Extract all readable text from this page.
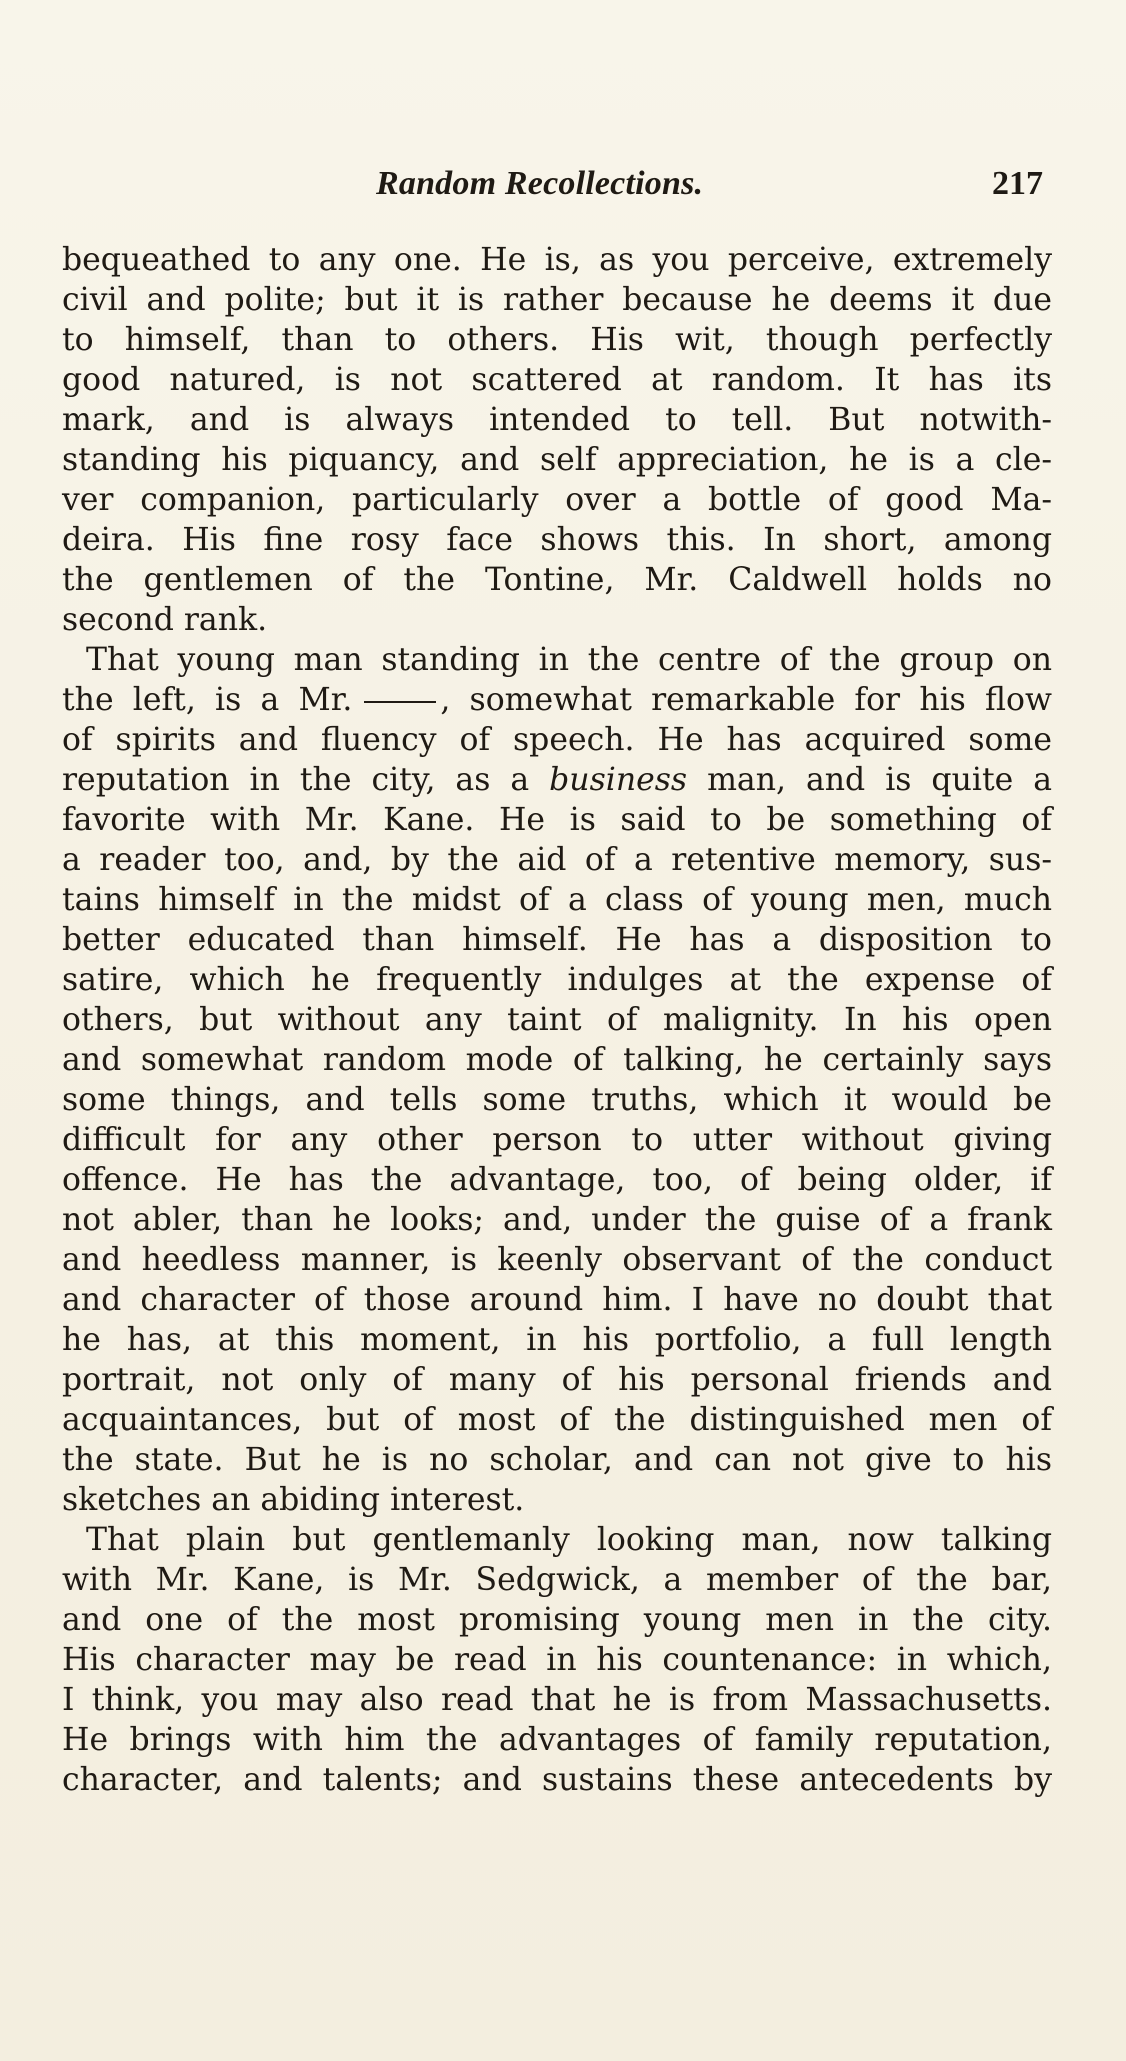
Random Recollections.	217
bequeathed to any one. He is, as you perceive, extremely
civil and polite; but it is rather because he deems it due
to himself, than to others. His wit, though perfectly
good natured, is not scattered at random. It has its
mark, and is always intended to tell. But notwith-
standing his piquancy, and self appreciation, he is a cle-
ver companion, particularly over a bottle of good Ma-
deira. His fine rosy face shows this. In short, among
the gentlemen of the Tontine, Mr. Caldwell holds no
second rank.
That young man standing in the centre of the group on
the left, is a Mr.	, somewhat remarkable for his flow
of spirits and fluency of speech. He has acquired some
reputation in the city, as a business man, and is quite a
favorite with Mr. Kane. He is said to be something of
a reader too, and, by the aid of a retentive memory, sus-
tains himself in the midst of a class of young men, much
better educated than himself. He has a disposition to
satire, which he frequently indulges at the expense of
others, but without any taint of malignity. In his open
and somewhat random mode of talking, he certainly says
some things, and tells some truths, which it would be
difficult for any other person to utter without giving
offence. He has the advantage, too, of being older, if
not abler, than he looks; and, under the guise of a frank
and heedless manner, is keenly observant of the conduct
and character of those around him. I have no doubt that
he has, at this moment, in his portfolio, a full length
portrait, not only of many of his personal friends and
acquaintances, but of most of the distinguished men of
the state. But he is no scholar, and can not give to his
sketches an abiding interest.
That plain but gentlemanly looking man, now talking
with Mr. Kane, is Mr. Sedgwick, a member of the bar,
and one of the most promising young men in the city.
His character may be read in his countenance: in which,
I think, you may also read that he is from Massachusetts.
He brings with him the advantages of family reputation,
character, and talents; and sustains these antecedents by
